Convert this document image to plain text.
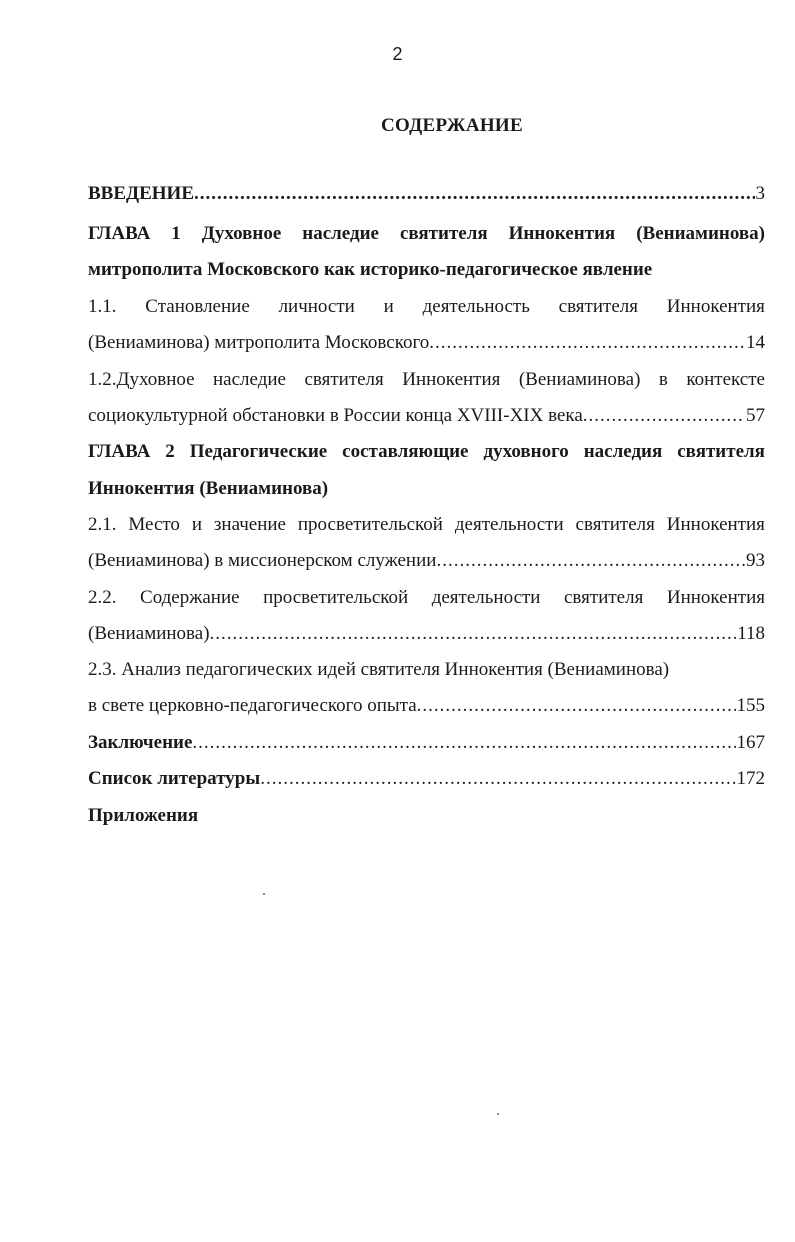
2
СОДЕРЖАНИЕ
ВВЕДЕНИЕ .....	3
ГЛАВА 1 Духовное наследие святителя Иннокентия (Вениаминова)
митрополита Московского как историко-педагогическое явление
1.1. Становление личности и деятельность святителя Иннокентия
(Вениаминова) митрополита Московского .....	14
1.2.Духовное наследие святителя Иннокентия (Вениаминова) в контексте
социокультурной обстановки в России конца XVIII-XIX века .....	57
ГЛАВА 2 Педагогические составляющие духовного наследия святителя
Иннокентия (Вениаминова)
2.1. Место и значение просветительской деятельности святителя Иннокентия
(Вениаминова) в миссионерском служении .....	93
2.2. Содержание просветительской деятельности святителя Иннокентия
(Вениаминова) .....	118
2.3. Анализ педагогических идей святителя Иннокентия (Вениаминова)
в свете церковно-педагогического опыта .....	155
Заключение .....	167
Список литературы .....	172
Приложения
